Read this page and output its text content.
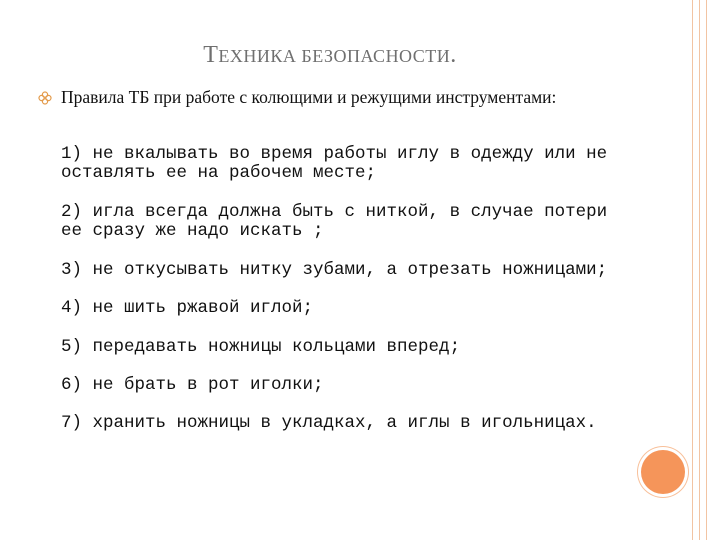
ТЕХНИКА БЕЗОПАСНОСТИ.
Правила ТБ при работе с колющими и режущими инструментами:
1) не вкалывать во время работы иглу в одежду или не оставлять ее на рабочем месте;
2) игла всегда должна быть с ниткой, в случае потери ее сразу же надо искать ;
3) не откусывать нитку зубами, а отрезать ножницами;
4) не шить ржавой иглой;
5) передавать ножницы кольцами вперед;
6) не брать в рот иголки;
7) хранить ножницы в укладках, а иглы в игольницах.
